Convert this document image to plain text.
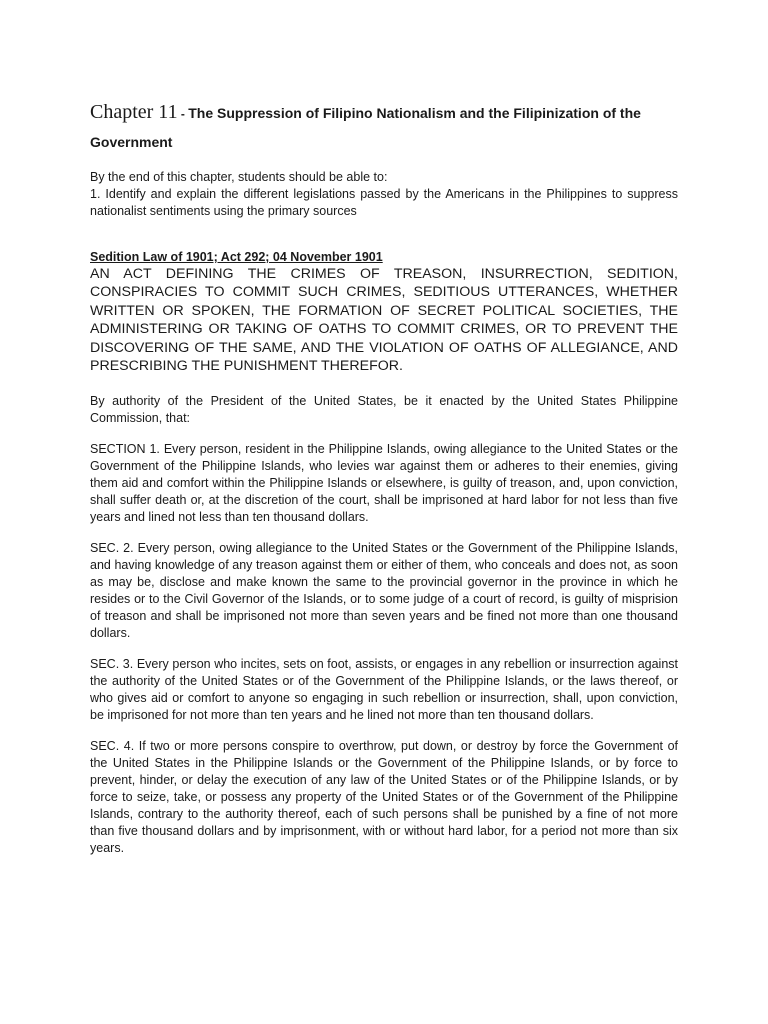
Chapter 11 - The Suppression of Filipino Nationalism and the Filipinization of the Government

By the end of this chapter, students should be able to:

1. Identify and explain the different legislations passed by the Americans in the Philippines to suppress nationalist sentiments using the primary sources

Sedition Law of 1901; Act 292; 04 November 1901

AN ACT DEFINING THE CRIMES OF TREASON, INSURRECTION, SEDITION, CONSPIRACIES TO COMMIT SUCH CRIMES, SEDITIOUS UTTERANCES, WHETHER WRITTEN OR SPOKEN, THE FORMATION OF SECRET POLITICAL SOCIETIES, THE ADMINISTERING OR TAKING OF OATHS TO COMMIT CRIMES, OR TO PREVENT THE DISCOVERING OF THE SAME, AND THE VIOLATION OF OATHS OF ALLEGIANCE, AND PRESCRIBING THE PUNISHMENT THEREFOR.

By authority of the President of the United States, be it enacted by the United States Philippine Commission, that:

SECTION 1. Every person, resident in the Philippine Islands, owing allegiance to the United States or the Government of the Philippine Islands, who levies war against them or adheres to their enemies, giving them aid and comfort within the Philippine Islands or elsewhere, is guilty of treason, and, upon conviction, shall suffer death or, at the discretion of the court, shall be imprisoned at hard labor for not less than five years and lined not less than ten thousand dollars.

SEC. 2. Every person, owing allegiance to the United States or the Government of the Philippine Islands, and having knowledge of any treason against them or either of them, who conceals and does not, as soon as may be, disclose and make known the same to the provincial governor in the province in which he resides or to the Civil Governor of the Islands, or to some judge of a court of record, is guilty of misprision of treason and shall be imprisoned not more than seven years and be fined not more than one thousand dollars.

SEC. 3. Every person who incites, sets on foot, assists, or engages in any rebellion or insurrection against the authority of the United States or of the Government of the Philippine Islands, or the laws thereof, or who gives aid or comfort to anyone so engaging in such rebellion or insurrection, shall, upon conviction, be imprisoned for not more than ten years and he lined not more than ten thousand dollars.

SEC. 4. If two or more persons conspire to overthrow, put down, or destroy by force the Government of the United States in the Philippine Islands or the Government of the Philippine Islands, or by force to prevent, hinder, or delay the execution of any law of the United States or of the Philippine Islands, or by force to seize, take, or possess any property of the United States or of the Government of the Philippine Islands, contrary to the authority thereof, each of such persons shall be punished by a fine of not more than five thousand dollars and by imprisonment, with or without hard labor, for a period not more than six years.
